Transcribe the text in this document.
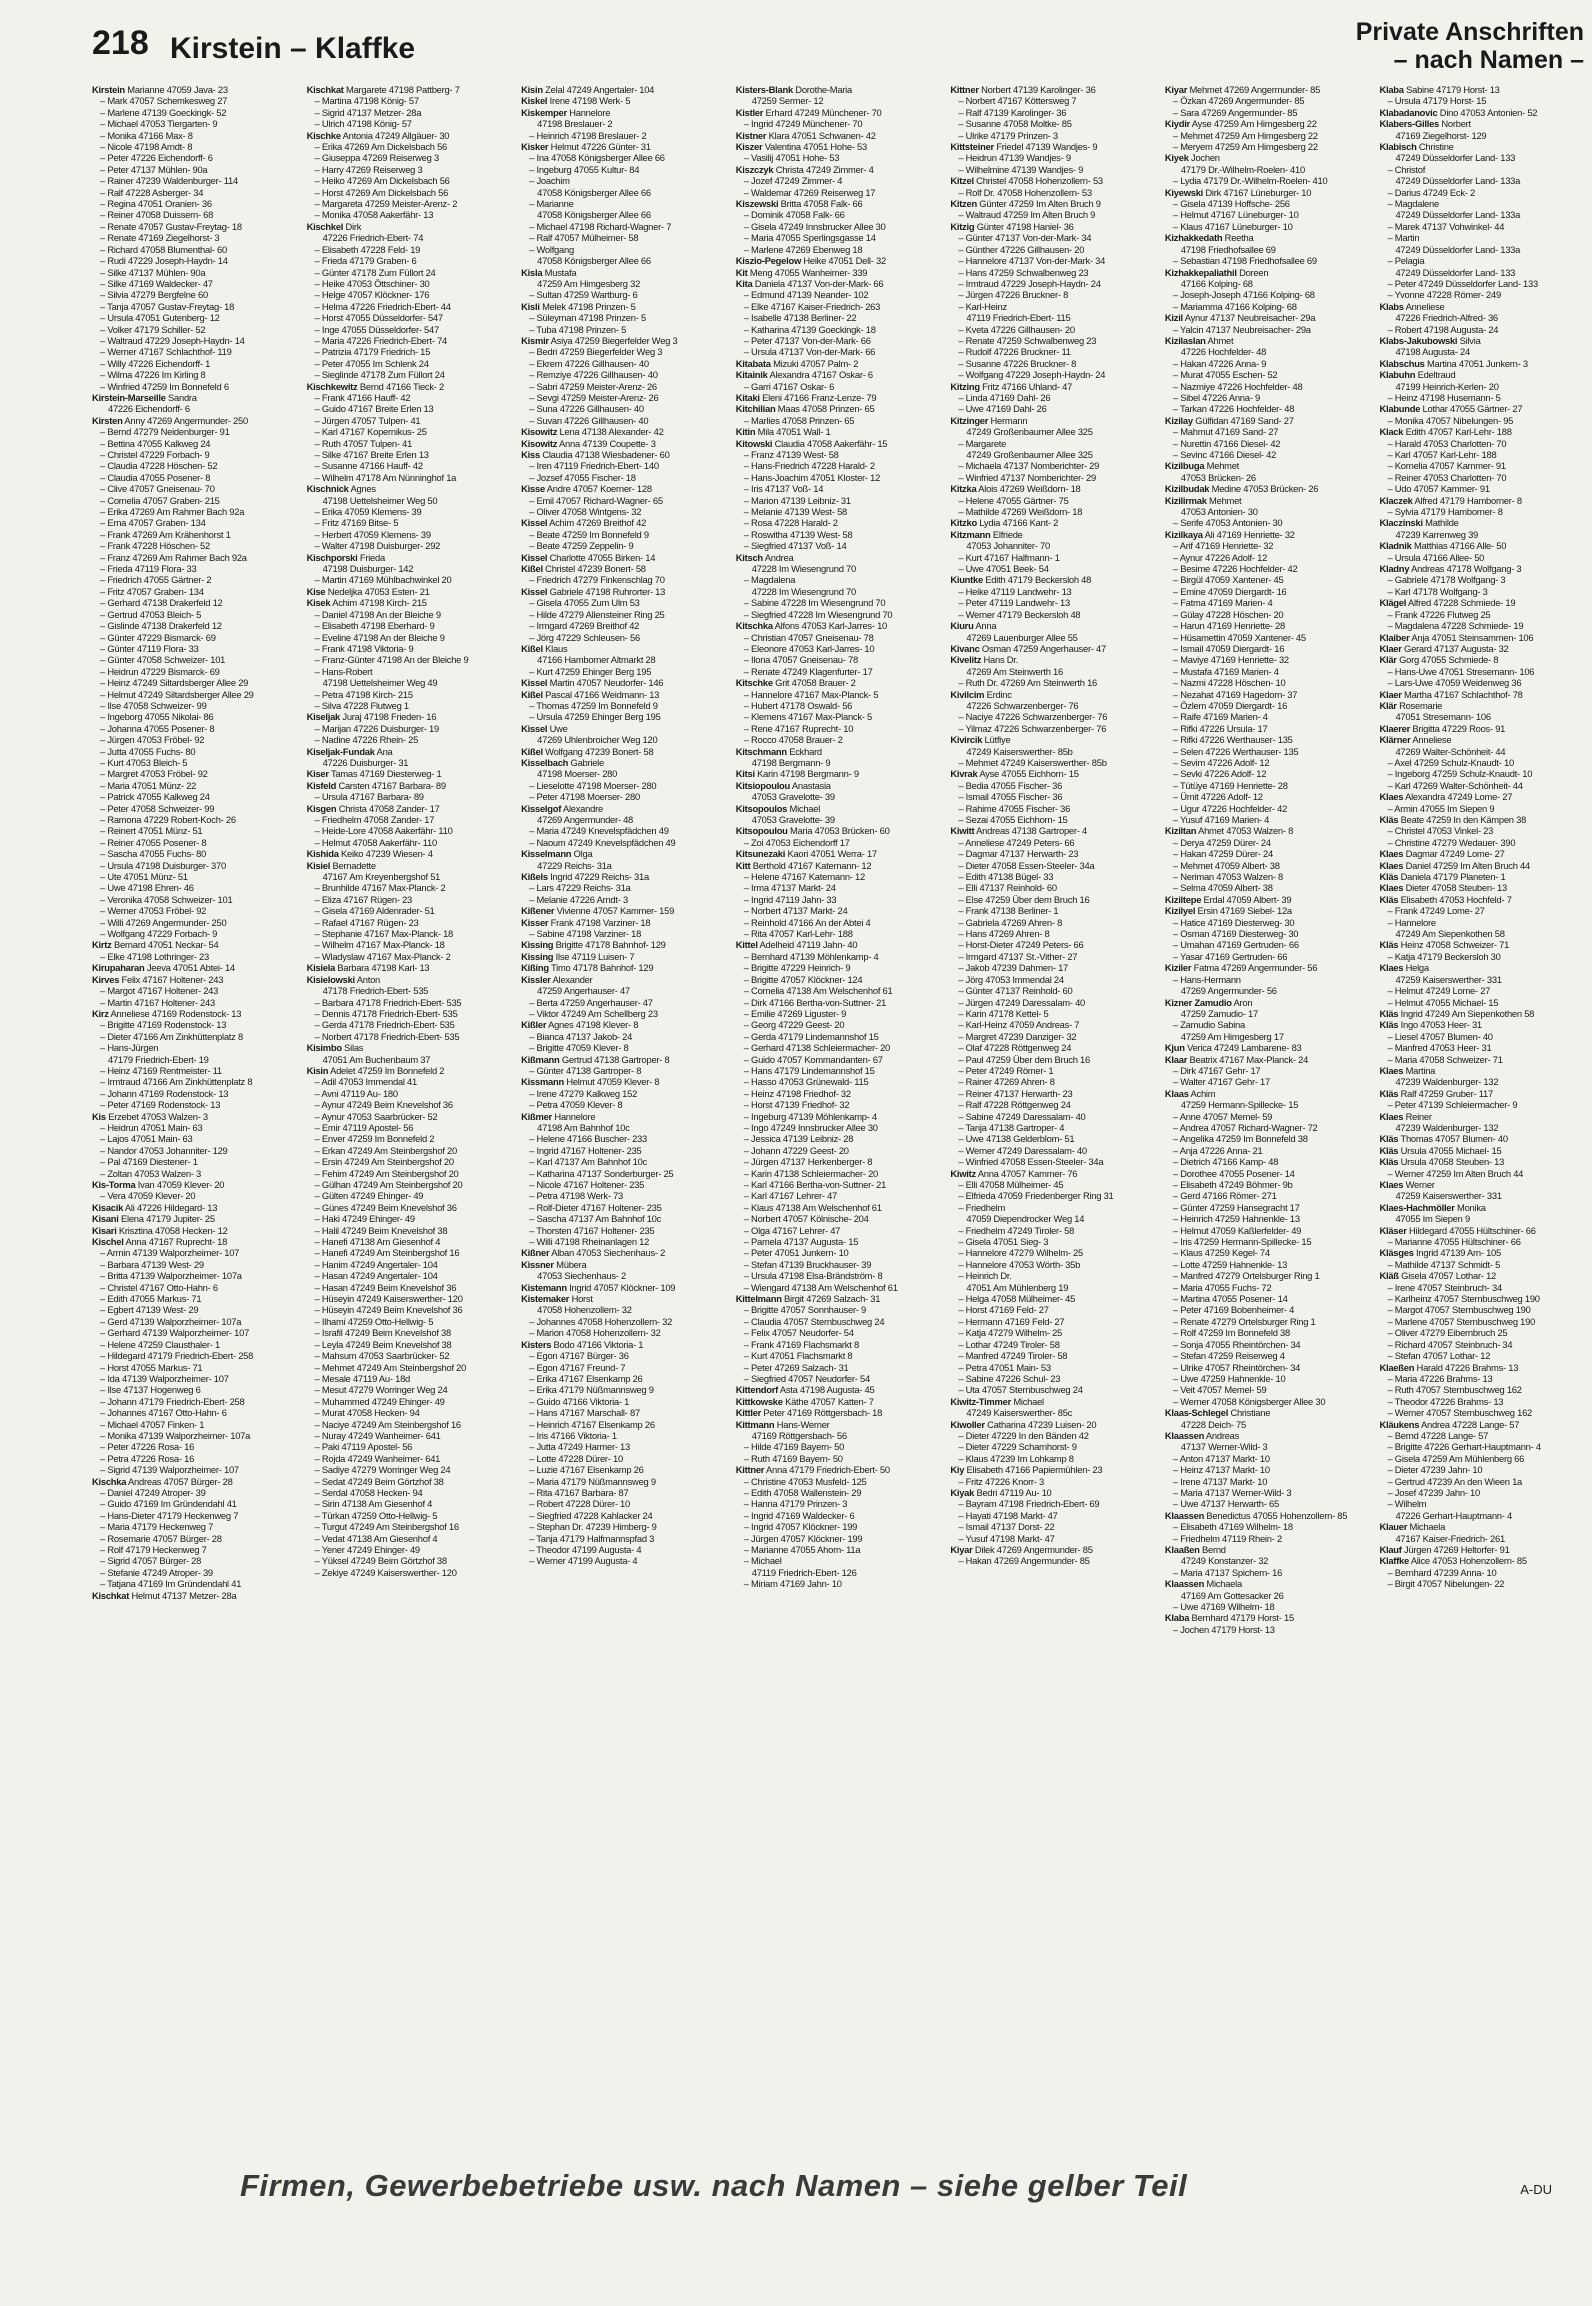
218 Kirstein – Klaffke	Private Anschriften
– nach Namen –
Kirstein Marianne 47059 Java- 23
– Mark 47057 Schemkesweg 27
– Marlene 47139 Goeckingk- 52
– Michael 47053 Tiergarten- 9
– Monika 47166 Max- 8
– Nicole 47198 Arndt- 8
– Peter 47226 Eichendorff- 6
– Peter 47137 Mühlen- 90a
– Rainer 47239 Waldenburger- 114
– Ralf 47228 Asberger- 34
– Regina 47051 Oranien- 36
– Reiner 47058 Duissern- 68
– Renate 47057 Gustav-Freytag- 18
– Renate 47169 Ziegelhorst- 3
– Richard 47058 Blumenthal- 60
– Rudi 47229 Joseph-Haydn- 14
– Silke 47137 Mühlen- 90a
– Silke 47169 Waldecker- 47
– Silvia 47279 Bergfelne 60
– Tanja 47057 Gustav-Freytag- 18
– Ursula 47051 Gutenberg- 12
– Volker 47179 Schiller- 52
– Waltraud 47229 Joseph-Haydn- 14
– Werner 47167 Schlachthof- 119
– Willy 47226 Eichendorff- 1
– Wilma 47226 Im Kirling 8
– Winfried 47259 Im Bonnefeld 6
Kirstein-Marseille Sandra
47226 Eichendorff- 6
Kirsten Anny 47269 Angermunder- 250
– Bernd 47279 Neidenburger- 91
– Bettina 47055 Kalkweg 24
– Christel 47229 Forbach- 9
– Claudia 47228 Höschen- 52
– Claudia 47055 Posener- 8
– Clive 47057 Gneisenau- 70
– Cornelia 47057 Graben- 215
– Erika 47269 Am Rahmer Bach 92a
– Erna 47057 Graben- 134
– Frank 47269 Am Krähenhorst 1
– Frank 47228 Höschen- 52
– Franz 47269 Am Rahmer Bach 92a
– Frieda 47119 Flora- 33
– Friedrich 47055 Gärtner- 2
– Fritz 47057 Graben- 134
– Gerhard 47138 Drakerfeld 12
– Gertrud 47053 Bleich- 5
– Gislinde 47138 Drakerfeld 12
– Günter 47229 Bismarck- 69
– Günter 47119 Flora- 33
– Günter 47058 Schweizer- 101
– Heidrun 47229 Bismarck- 69
– Heinz 47249 Siltardsberger Allee 29
– Helmut 47249 Siltardsberger Allee 29
– Ilse 47058 Schweizer- 99
– Ingeborg 47055 Nikolai- 86
– Johanna 47055 Posener- 8
– Jürgen 47053 Fröbel- 92
– Jutta 47055 Fuchs- 80
– Kurt 47053 Bleich- 5
– Margret 47053 Fröbel- 92
– Maria 47051 Münz- 22
– Patrick 47055 Kalkweg 24
– Peter 47058 Schweizer- 99
– Ramona 47229 Robert-Koch- 26
– Reinert 47051 Münz- 51
– Reiner 47055 Posener- 8
– Sascha 47055 Fuchs- 80
– Ursula 47198 Duisburger- 370
– Ute 47051 Münz- 51
– Uwe 47198 Ehren- 46
– Veronika 47058 Schweizer- 101
– Werner 47053 Fröbel- 92
– Willi 47269 Angermunder- 250
– Wolfgang 47229 Forbach- 9
Kirtz Bernard 47051 Neckar- 54
– Elke 47198 Lothringer- 23
Kirupaharan Jeeva 47051 Abtei- 14
Kirves Felix 47167 Holtener- 243
– Margot 47167 Holtener- 243
– Martin 47167 Holtener- 243
Kirz Anneliese 47169 Rodenstock- 13
– Brigitte 47169 Rodenstock- 13
– Dieter 47166 Am Zinkhüttenplatz 8
– Hans-Jürgen
47179 Friedrich-Ebert- 19
– Heinz 47169 Rentmeister- 11
– Irmtraud 47166 Am Zinkhüttenplatz 8
– Johann 47169 Rodenstock- 13
– Peter 47169 Rodenstock- 13
Kis Erzebet 47053 Walzen- 3
– Heidrun 47051 Main- 63
– Lajos 47051 Main- 63
– Nandor 47053 Johanniter- 129
– Pal 47169 Diestener- 1
– Zoltan 47053 Walzen- 3
Kis-Torma Ivan 47059 Klever- 20
– Vera 47059 Klever- 20
Kisacik Ali 47226 Hildegard- 13
Kisani Elena 47179 Jupiter- 25
Kisari Krisztina 47058 Hecken- 12
Kischel Anna 47167 Ruprecht- 18
– Armin 47139 Walporzheimer- 107
– Barbara 47139 West- 29
– Britta 47139 Walporzheimer- 107a
– Christel 47167 Otto-Hahn- 6
– Edith 47055 Markus- 71
– Egbert 47139 West- 29
– Gerd 47139 Walporzheimer- 107a
– Gerhard 47139 Walporzheimer- 107
– Helene 47259 Clausthaler- 1
– Hildegard 47179 Friedrich-Ebert- 258
– Horst 47055 Markus- 71
– Ida 47139 Walporzheimer- 107
– Ilse 47137 Hogenweg 6
– Johann 47179 Friedrich-Ebert- 258
– Johannes 47167 Otto-Hahn- 6
– Michael 47057 Finken- 1
– Monika 47139 Walporzheimer- 107a
– Peter 47226 Rosa- 16
– Petra 47226 Rosa- 16
– Sigrid 47139 Walporzheimer- 107
Kischka Andreas 47057 Bürger- 28
– Daniel 47249 Atroper- 39
– Guido 47169 Im Gründendahl 41
– Hans-Dieter 47179 Heckenweg 7
– Maria 47179 Heckenweg 7
– Rosemarie 47057 Bürger- 28
– Rolf 47179 Heckenweg 7
– Sigrid 47057 Bürger- 28
– Stefanie 47249 Atroper- 39
– Tatjana 47169 Im Gründendahl 41
Kischkat Helmut 47137 Metzer- 28a
Kischkat Margarete 47198 Pattberg- 7
– Martina 47198 König- 57
– Sigrid 47137 Metzer- 28a
– Ulrich 47198 König- 57
Kischke Antonia 47249 Allgäuer- 30
– Erika 47269 Am Dickelsbach 56
– Giuseppa 47269 Reiserweg 3
– Harry 47269 Reiserweg 3
– Heiko 47269 Am Dickelsbach 56
– Horst 47269 Am Dickelsbach 56
– Margareta 47259 Meister-Arenz- 2
– Monika 47058 Aakerfähr- 13
Kischkel Dirk
47226 Friedrich-Ebert- 74
– Elisabeth 47228 Feld- 19
– Frieda 47179 Graben- 6
– Günter 47178 Zum Füllort 24
– Heike 47053 Öttschiner- 30
– Helge 47057 Klöckner- 176
– Helma 47226 Friedrich-Ebert- 44
– Horst 47055 Düsseldorfer- 547
– Inge 47055 Düsseldorfer- 547
– Maria 47226 Friedrich-Ebert- 74
– Patrizia 47179 Friedrich- 15
– Peter 47055 Im Schlenk 24
– Sieglinde 47178 Zum Füllort 24
Kischkewitz Bernd 47166 Tieck- 2
– Frank 47166 Hauff- 42
– Guido 47167 Breite Erlen 13
– Jürgen 47057 Tulpen- 41
– Karl 47167 Kopernikus- 25
– Ruth 47057 Tulpen- 41
– Silke 47167 Breite Erlen 13
– Susanne 47166 Hauff- 42
– Wilhelm 47178 Am Nünninghof 1a
Kischnick Agnes
47198 Uettelsheimer Weg 50
– Erika 47059 Klemens- 39
– Fritz 47169 Bitse- 5
– Herbert 47059 Klemens- 39
– Walter 47198 Duisburger- 292
Kischporski Frieda
47198 Duisburger- 142
– Martin 47169 Mühlbachwinkel 20
Kise Nedeljka 47053 Esten- 21
Kisek Achim 47198 Kirch- 215
– Daniel 47198 An der Bleiche 9
– Elisabeth 47198 Eberhard- 9
– Eveline 47198 An der Bleiche 9
– Frank 47198 Viktoria- 9
– Franz-Günter 47198 An der Bleiche 9
– Hans-Robert
47198 Uettelsheimer Weg 49
– Petra 47198 Kirch- 215
– Silva 47228 Flutweg 1
Kiseljak Juraj 47198 Frieden- 16
– Marijan 47226 Duisburger- 19
– Nadine 47226 Rhein- 25
Kiseljak-Fundak Ana
47226 Duisburger- 31
Kiser Tamas 47169 Diesterweg- 1
Kisfeld Carsten 47167 Barbara- 89
– Ursula 47167 Barbara- 89
Kisgen Christa 47058 Zander- 17
– Friedhelm 47058 Zander- 17
– Heide-Lore 47058 Aakerfähr- 110
– Helmut 47058 Aakerfähr- 110
Kishida Keiko 47239 Wiesen- 4
Kisiel Bernadette
47167 Am Kreyenbergshof 51
– Brunhilde 47167 Max-Planck- 2
– Eliza 47167 Rügen- 23
– Gisela 47169 Aldenrader- 51
– Rafael 47167 Rügen- 23
– Stephanie 47167 Max-Planck- 18
– Wilhelm 47167 Max-Planck- 18
– Wladyslaw 47167 Max-Planck- 2
Kisiela Barbara 47198 Karl- 13
Kisielowski Anton
47178 Friedrich-Ebert- 535
– Barbara 47178 Friedrich-Ebert- 535
– Dennis 47178 Friedrich-Ebert- 535
– Gerda 47178 Friedrich-Ebert- 535
– Norbert 47178 Friedrich-Ebert- 535
Kisimbo Silas
47051 Am Buchenbaum 37
Kisin Adelet 47259 Im Bonnefeld 2
– Adil 47053 Immendal 41
– Avni 47119 Au- 180
– Aynur 47249 Beim Knevelshof 36
– Aynur 47053 Saarbrücker- 52
– Emir 47119 Apostel- 56
– Enver 47259 Im Bonnefeld 2
– Erkan 47249 Am Steinbergshof 20
– Ersin 47249 Am Steinbergshof 20
– Fehim 47249 Am Steinbergshof 20
– Gülhan 47249 Am Steinbergshof 20
– Gülten 47249 Ehinger- 49
– Günes 47249 Beim Knevelshof 36
– Haki 47249 Ehinger- 49
– Halil 47249 Beim Knevelshof 38
– Hanefi 47138 Am Giesenhof 4
– Hanefi 47249 Am Steinbergshof 16
– Hanim 47249 Angertaler- 104
– Hasan 47249 Angertaler- 104
– Hasan 47249 Beim Knevelshof 36
– Hüseyin 47249 Kaiserswerther- 120
– Hüseyin 47249 Beim Knevelshof 36
– Ilhami 47259 Otto-Hellwig- 5
– Israfil 47249 Beim Knevelshof 38
– Leyla 47249 Beim Knevelshof 38
– Mahsum 47053 Saarbrücker- 52
– Mehmet 47249 Am Steinbergshof 20
– Mesale 47119 Au- 18d
– Mesut 47279 Worringer Weg 24
– Muhammed 47249 Ehinger- 49
– Murat 47058 Hecken- 94
– Naciye 47249 Am Steinbergshof 16
– Nuray 47249 Wanheimer- 641
– Paki 47119 Apostel- 56
– Rojda 47249 Wanheimer- 641
– Sadiye 47279 Worringer Weg 24
– Sedat 47249 Beim Görtzhof 38
– Serdal 47058 Hecken- 94
– Sirin 47138 Am Giesenhof 4
– Türkan 47259 Otto-Hellwig- 5
– Turgut 47249 Am Steinbergshof 16
– Vedat 47138 Am Giesenhof 4
– Yener 47249 Ehinger- 49
– Yüksel 47249 Beim Görtzhof 38
– Zekiye 47249 Kaiserswerther- 120
Kisin Zelal 47249 Angertaler- 104
Kiskel Irene 47198 Werk- 5
Kiskemper Hannelore
47198 Breslauer- 2
– Heinrich 47198 Breslauer- 2
Kisker Helmut 47226 Günter- 31
– Ina 47058 Königsberger Allee 66
– Ingeburg 47055 Kultur- 84
– Joachim
47058 Königsberger Allee 66
– Marianne
47058 Königsberger Allee 66
– Michael 47198 Richard-Wagner- 7
– Ralf 47057 Mülheimer- 58
– Wolfgang
47058 Königsberger Allee 66
Kisla Mustafa
47259 Am Himgesberg 32
– Sultan 47259 Wartburg- 6
Kisli Melek 47198 Prinzen- 5
– Süleyman 47198 Prinzen- 5
– Tuba 47198 Prinzen- 5
Kismir Asiya 47259 Biegerfelder Weg 3
– Bedri 47259 Biegerfelder Weg 3
– Ekrem 47226 Gillhausen- 40
– Remziye 47226 Gillhausen- 40
– Sabri 47259 Meister-Arenz- 26
– Sevgi 47259 Meister-Arenz- 26
– Suna 47226 Gillhausen- 40
– Suvan 47226 Gillhausen- 40
Kisowitz Lena 47138 Alexander- 42
Kisowitz Anna 47139 Coupette- 3
Kiss Claudia 47138 Wiesbadener- 60
– Iren 47119 Friedrich-Ebert- 140
– Jozsef 47055 Fischer- 18
Kisse Andre 47057 Koerner- 128
– Emil 47057 Richard-Wagner- 65
– Oliver 47058 Wintgens- 32
Kissel Achim 47269 Breithof 42
– Beate 47259 Im Bonnefeld 9
– Beate 47259 Zeppelin- 9
Kissel Charlotte 47055 Birken- 14
Kißel Christel 47239 Bonert- 58
– Friedrich 47279 Finkenschlag 70
Kissel Gabriele 47198 Ruhrorter- 13
– Gisela 47055 Zum Ulm 53
– Hilde 47279 Allensteiner Ring 25
– Irmgard 47269 Breithof 42
– Jörg 47229 Schleusen- 56
Kißel Klaus
47166 Hamborner Altmarkt 28
– Kurt 47259 Ehinger Berg 195
Kissel Martin 47057 Neudorfer- 146
Kißel Pascal 47166 Weidmann- 13
– Thomas 47259 Im Bonnefeld 9
– Ursula 47259 Ehinger Berg 195
Kissel Uwe
47269 Uhlenbroicher Weg 120
Kißel Wolfgang 47239 Bonert- 58
Kisselbach Gabriele
47198 Moerser- 280
– Lieselotte 47198 Moerser- 280
– Peter 47198 Moerser- 280
Kisselgof Alexandre
47269 Angermunder- 48
– Maria 47249 Knevelspfädchen 49
– Naoum 47249 Knevelspfädchen 49
Kisselmann Olga
47229 Reichs- 31a
Kißels Ingrid 47229 Reichs- 31a
– Lars 47229 Reichs- 31a
– Melanie 47226 Arndt- 3
Kißener Vivienne 47057 Kammer- 159
Kisser Frank 47198 Varziner- 18
– Sabine 47198 Varziner- 18
Kissing Brigitte 47178 Bahnhof- 129
Kissing Ilse 47119 Luisen- 7
Kißing Timo 47178 Bahnhof- 129
Kissler Alexander
47259 Angerhauser- 47
– Berta 47259 Angerhauser- 47
– Viktor 47249 Am Schellberg 23
Kißler Agnes 47198 Klever- 8
– Bianca 47137 Jakob- 24
– Brigitte 47059 Klever- 8
Kißmann Gertrud 47138 Gartroper- 8
– Günter 47138 Gartroper- 8
Kissmann Helmut 47059 Klever- 8
– Irene 47279 Kalkweg 152
– Petra 47059 Klever- 8
Kißmer Hannelore
47198 Am Bahnhof 10c
– Helene 47166 Buscher- 233
– Ingrid 47167 Holtener- 235
– Karl 47137 Am Bahnhof 10c
– Katharina 47137 Sonderburger- 25
– Nicole 47167 Holtener- 235
– Petra 47198 Werk- 73
– Rolf-Dieter 47167 Holtener- 235
– Sascha 47137 Am Bahnhof 10c
– Thorsten 47167 Holtener- 235
– Willi 47198 Rheinanlagen 12
Kißner Alban 47053 Siechenhaus- 2
Kissner Mübera
47053 Siechenhaus- 2
Kistemann Ingrid 47057 Klöckner- 109
Kistemaker Horst
47058 Hohenzollern- 32
– Johannes 47058 Hohenzollern- 32
– Marion 47058 Hohenzollern- 32
Kisters Bodo 47166 Viktoria- 1
– Egon 47167 Bürger- 36
– Egon 47167 Freund- 7
– Erika 47167 Elsenkamp 26
– Erika 47179 Nüßmannsweg 9
– Guido 47166 Viktoria- 1
– Hans 47167 Marschall- 87
– Heinrich 47167 Elsenkamp 26
– Iris 47166 Viktoria- 1
– Jutta 47249 Harmer- 13
– Lotte 47228 Dürer- 10
– Luzie 47167 Elsenkamp 26
– Maria 47179 Nüßmannsweg 9
– Rita 47167 Barbara- 87
– Robert 47228 Dürer- 10
– Siegfried 47228 Kahlacker 24
– Stephan Dr. 47239 Himberg- 9
– Tanja 47179 Halfmannspfad 3
– Theodor 47199 Augusta- 4
– Werner 47199 Augusta- 4
Kisters-Blank Dorothe-Maria
47259 Sermer- 12
Kistler Erhard 47249 Münchener- 70
– Ingrid 47249 Münchener- 70
Kistner Klara 47051 Schwanen- 42
Kiszer Valentina 47051 Hohe- 53
– Vasilij 47051 Hohe- 53
Kiszczyk Christa 47249 Zimmer- 4
– Jozef 47249 Zimmer- 4
– Waldemar 47269 Reiserweg 17
Kiszewski Britta 47058 Falk- 66
– Dominik 47058 Falk- 66
– Gisela 47249 Innsbrucker Allee 30
– Maria 47055 Sperlingsgasse 14
– Marlene 47269 Ebenweg 18
Kiszio-Pegelow Heike 47051 Dell- 32
Kit Meng 47055 Wanheimer- 339
Kita Daniela 47137 Von-der-Mark- 66
– Edmund 47139 Neander- 102
– Elke 47167 Kaiser-Friedrich- 263
– Isabelle 47138 Berliner- 22
– Katharina 47139 Goeckingk- 18
– Peter 47137 Von-der-Mark- 66
– Ursula 47137 Von-der-Mark- 66
Kitabata Mizuki 47057 Palm- 2
Kitainik Alexandra 47167 Oskar- 6
– Garri 47167 Oskar- 6
Kitaki Eleni 47166 Franz-Lenze- 79
Kitchilian Maas 47058 Prinzen- 65
– Marlies 47058 Prinzen- 65
Kitin Mila 47051 Wall- 1
Kitowski Claudia 47058 Aakerfähr- 15
– Franz 47139 West- 58
– Hans-Friedrich 47228 Harald- 2
– Hans-Joachim 47051 Kloster- 12
– Iris 47137 Voß- 14
– Marion 47139 Leibniz- 31
– Melanie 47139 West- 58
– Rosa 47228 Harald- 2
– Roswitha 47139 West- 58
– Siegfried 47137 Voß- 14
Kitsch Andrea
47228 Im Wiesengrund 70
– Magdalena
47228 Im Wiesengrund 70
– Sabine 47228 Im Wiesengrund 70
– Siegfried 47228 Im Wiesengrund 70
Kitschka Alfons 47053 Karl-Jarres- 10
– Christian 47057 Gneisenau- 78
– Eleonore 47053 Karl-Jarres- 10
– Ilona 47057 Gneisenau- 78
– Renate 47249 Klagenfurter- 17
Kitschke Grit 47058 Brauer- 2
– Hannelore 47167 Max-Planck- 5
– Hubert 47178 Oswald- 56
– Klemens 47167 Max-Planck- 5
– Rene 47167 Ruprecht- 10
– Rocco 47058 Brauer- 2
Kitschmann Eckhard
47198 Bergmann- 9
Kitsi Karin 47198 Bergmann- 9
Kitsiopoulou Anastasia
47053 Gravelotte- 39
Kitsopoulos Michael
47053 Gravelotte- 39
Kitsopoulou Maria 47053 Brücken- 60
– Zoi 47053 Eichendorff 17
Kitsunezaki Kaori 47051 Werra- 17
Kitt Berthold 47167 Katernann- 12
– Helene 47167 Katernann- 12
– Irma 47137 Markt- 24
– Ingrid 47119 Jahn- 33
– Norbert 47137 Markt- 24
– Reinhold 47166 An der Abtei 4
– Rita 47057 Karl-Lehr- 188
Kittel Adelheid 47119 Jahn- 40
– Bernhard 47139 Möhlenkamp- 4
– Brigitte 47229 Heinrich- 9
– Brigitte 47057 Klöckner- 124
– Cornelia 47138 Am Welschenhof 61
– Dirk 47166 Bertha-von-Suttner- 21
– Emilie 47269 Liguster- 9
– Georg 47229 Geest- 20
– Gerda 47179 Lindemannshof 15
– Gerhard 47138 Schleiermacher- 20
– Guido 47057 Kommandanten- 67
– Hans 47179 Lindemannshof 15
– Hasso 47053 Grünewald- 115
– Heinz 47198 Friedhof- 32
– Horst 47139 Friedhof- 32
– Ingeburg 47139 Möhlenkamp- 4
– Ingo 47249 Innsbrucker Allee 30
– Jessica 47139 Leibniz- 28
– Johann 47229 Geest- 20
– Jürgen 47137 Herkenberger- 8
– Karin 47138 Schleiermacher- 20
– Karl 47166 Bertha-von-Suttner- 21
– Karl 47167 Lehrer- 47
– Klaus 47138 Am Welschenhof 61
– Norbert 47057 Kölnische- 204
– Olga 47167 Lehrer- 47
– Pamela 47137 Augusta- 15
– Peter 47051 Junkern- 10
– Stefan 47139 Bruckhauser- 39
– Ursula 47198 Elsa-Brändström- 8
– Wiengard 47138 Am Welschenhof 61
Kittelmann Birgit 47269 Salzach- 31
– Brigitte 47057 Sonnhauser- 9
– Claudia 47057 Sternbuschweg 24
– Felix 47057 Neudorfer- 54
– Frank 47169 Flachsmarkt 8
– Kurt 47051 Flachsmarkt 8
– Peter 47269 Salzach- 31
– Siegfried 47057 Neudorfer- 54
Kittendorf Asta 47198 Augusta- 45
Kittkowske Käthe 47057 Katten- 7
Kittler Peter 47169 Röttgersbach- 18
Kittmann Hans-Werner
47169 Röttgersbach- 56
– Hilde 47169 Bayern- 50
– Ruth 47169 Bayern- 50
Kittner Anna 47179 Friedrich-Ebert- 50
– Christine 47053 Musfeld- 125
– Edith 47058 Wallenstein- 29
– Hanna 47179 Prinzen- 3
– Ingrid 47169 Waldecker- 6
– Ingrid 47057 Klöckner- 199
– Jürgen 47057 Klöckner- 199
– Marianne 47055 Ahorn- 11a
– Michael
47119 Friedrich-Ebert- 126
– Miriam 47169 Jahn- 10
Kittner Norbert 47139 Karolinger- 36
– Norbert 47167 Köttersweg 7
– Ralf 47139 Karolinger- 36
– Susanne 47058 Moltke- 85
– Ulrike 47179 Prinzen- 3
Kittsteiner Friedel 47139 Wandjes- 9
– Heidrun 47139 Wandjes- 9
– Wilhelmine 47139 Wandjes- 9
Kitzel Christel 47058 Hohenzollern- 53
– Rolf Dr. 47058 Hohenzollern- 53
Kitzen Günter 47259 Im Alten Bruch 9
– Waltraud 47259 Im Alten Bruch 9
Kitzig Günter 47198 Haniel- 36
– Günter 47137 Von-der-Mark- 34
– Günther 47226 Gillhausen- 20
– Hannelore 47137 Von-der-Mark- 34
– Hans 47259 Schwalbenweg 23
– Irmtraud 47229 Joseph-Haydn- 24
– Jürgen 47226 Bruckner- 8
– Karl-Heinz
47119 Friedrich-Ebert- 115
– Kveta 47226 Gillhausen- 20
– Renate 47259 Schwalbenweg 23
– Rudolf 47226 Bruckner- 11
– Susanne 47226 Bruckner- 8
– Wolfgang 47229 Joseph-Haydn- 24
Kitzing Fritz 47166 Uhland- 47
– Linda 47169 Dahl- 26
– Uwe 47169 Dahl- 26
Kitzinger Hermann
47249 Großenbaumer Allee 325
– Margarete
47249 Großenbaumer Allee 325
– Michaela 47137 Nomberichter- 29
– Winfried 47137 Nomberichter- 29
Kitzka Alois 47269 Weißdorn- 18
– Helene 47055 Gärtner- 75
– Mathilde 47269 Weißdorn- 18
Kitzko Lydia 47166 Kant- 2
Kitzmann Elfriede
47053 Johanniter- 70
– Kurt 47167 Halfmann- 1
– Uwe 47051 Beek- 54
Kiuntke Edith 47179 Beckersloh 48
– Heike 47119 Landwehr- 13
– Peter 47119 Landwehr- 13
– Werner 47179 Beckersloh 48
Kiuru Anna
47269 Lauenburger Allee 55
Kivanc Osman 47259 Angerhauser- 47
Kivelitz Hans Dr.
47269 Am Steinwerth 16
– Ruth Dr. 47269 Am Steinwerth 16
Kivilcim Erdinc
47226 Schwarzenberger- 76
– Naciye 47226 Schwarzenberger- 76
– Yilmaz 47226 Schwarzenberger- 76
Kivircik Lütfiye
47249 Kaiserswerther- 85b
– Mehmet 47249 Kaiserswerther- 85b
Kivrak Ayse 47055 Eichhorn- 15
– Bedia 47055 Fischer- 36
– Ismail 47055 Fischer- 36
– Rahime 47055 Fischer- 36
– Sezai 47055 Eichhorn- 15
Kiwitt Andreas 47138 Gartroper- 4
– Anneliese 47249 Peters- 66
– Dagmar 47137 Herwarth- 23
– Dieter 47058 Essen-Steeler- 34a
– Edith 47138 Bügel- 33
– Elli 47137 Reinhold- 60
– Else 47259 Über dem Bruch 16
– Frank 47138 Berliner- 1
– Gabriela 47269 Ahren- 8
– Hans 47269 Ahren- 8
– Horst-Dieter 47249 Peters- 66
– Irmgard 47137 St.-Vither- 27
– Jakob 47239 Dahmen- 17
– Jörg 47053 Immendal 24
– Günter 47137 Reinhold- 60
– Jürgen 47249 Daressalam- 40
– Karin 47178 Kettel- 5
– Karl-Heinz 47059 Andreas- 7
– Margret 47239 Danziger- 32
– Olaf 47228 Röttgenweg 24
– Paul 47259 Über dem Bruch 16
– Peter 47249 Römer- 1
– Rainer 47269 Ahren- 8
– Reiner 47137 Herwarth- 23
– Ralf 47228 Röttgenweg 24
– Sabine 47249 Daressalam- 40
– Tanja 47138 Gartroper- 4
– Uwe 47138 Gelderblom- 51
– Werner 47249 Daressalam- 40
– Winfried 47058 Essen-Steeler- 34a
Kiwitz Anna 47057 Kammer- 76
– Elli 47058 Mülheimer- 45
– Elfrieda 47059 Friedenberger Ring 31
– Friedhelm
47059 Diependrocker Weg 14
– Friedhelm 47249 Tiroler- 58
– Gisela 47051 Sieg- 3
– Hannelore 47279 Wilhelm- 25
– Hannelore 47053 Wörth- 35b
– Heinrich Dr.
47051 Am Mühlenberg 19
– Helga 47058 Mülheimer- 45
– Horst 47169 Feld- 27
– Hermann 47169 Feld- 27
– Katja 47279 Wilhelm- 25
– Lothar 47249 Tiroler- 58
– Manfred 47249 Tiroler- 58
– Petra 47051 Main- 53
– Sabine 47226 Schul- 23
– Uta 47057 Sternbuschweg 24
Kiwitz-Timmer Michael
47249 Kaiserswerther- 85c
Kiwoller Catharina 47239 Luisen- 20
– Dieter 47229 In den Bänden 42
– Dieter 47229 Scharnhorst- 9
– Klaus 47239 Im Lohkamp 8
Kiy Elisabeth 47166 Papiermühlen- 23
– Fritz 47226 Knorr- 3
Kiyak Bedri 47119 Au- 10
– Bayram 47198 Friedrich-Ebert- 69
– Hayati 47198 Markt- 47
– Ismail 47137 Dorst- 22
– Yusuf 47198 Markt- 47
Kiyar Dilek 47269 Angermunder- 85
– Hakan 47269 Angermunder- 85
Kiyar Mehmet 47269 Angermunder- 85
– Özkan 47269 Angermunder- 85
– Sara 47269 Angermunder- 85
Kiydir Ayse 47259 Am Himgesberg 22
– Mehmet 47259 Am Himgesberg 22
– Meryem 47259 Am Himgesberg 22
Kiyek Jochen
47179 Dr.-Wilhelm-Roelen- 410
– Lydia 47179 Dr.-Wilhelm-Roelen- 410
Kiyewski Dirk 47167 Lüneburger- 10
– Gisela 47139 Hoffsche- 256
– Helmut 47167 Lüneburger- 10
– Klaus 47167 Lüneburger- 10
Kizhakkedath Reetha
47198 Friedhofsallee 69
– Sebastian 47198 Friedhofsallee 69
Kizhakkepaliathil Doreen
47166 Kolping- 68
– Joseph-Joseph 47166 Kolping- 68
– Mariamma 47166 Kolping- 68
Kizil Aynur 47137 Neubreisacher- 29a
– Yalcin 47137 Neubreisacher- 29a
Kizilaslan Ahmet
47226 Hochfelder- 48
– Hakan 47226 Anna- 9
– Murat 47055 Eschen- 52
– Nazmiye 47226 Hochfelder- 48
– Sibel 47226 Anna- 9
– Tarkan 47226 Hochfelder- 48
Kizilay Gülfidan 47169 Sand- 27
– Mahmut 47169 Sand- 27
– Nurettin 47166 Diesel- 42
– Sevinc 47166 Diesel- 42
Kizilbuga Mehmet
47053 Brücken- 26
Kizilbudak Medine 47053 Brücken- 26
Kizilirmak Mehmet
47053 Antonien- 30
– Serife 47053 Antonien- 30
Kizilkaya Ali 47169 Henriette- 32
– Arif 47169 Henriette- 32
– Aynur 47226 Adolf- 12
– Besime 47226 Hochfelder- 42
– Birgül 47059 Xantener- 45
– Emine 47059 Diergardt- 16
– Fatma 47169 Marien- 4
– Gülay 47228 Höschen- 20
– Harun 47169 Henriette- 28
– Hüsamettin 47059 Xantener- 45
– Ismail 47059 Diergardt- 16
– Maviye 47169 Henriette- 32
– Mustafa 47169 Marien- 4
– Nazmi 47228 Höschen- 10
– Nezahat 47169 Hagedorn- 37
– Özlem 47059 Diergardt- 16
– Raife 47169 Marien- 4
– Rifki 47226 Ursula- 17
– Rifki 47226 Werthauser- 135
– Selen 47226 Werthauser- 135
– Sevim 47226 Adolf- 12
– Sevki 47226 Adolf- 12
– Tütüye 47169 Henriette- 28
– Ümit 47226 Adolf- 12
– Ugur 47226 Hochfelder- 42
– Yusuf 47169 Marien- 4
Kiziltan Ahmet 47053 Walzen- 8
– Derya 47259 Dürer- 24
– Hakan 47259 Dürer- 24
– Mehmet 47059 Albert- 38
– Neriman 47053 Walzen- 8
– Selma 47059 Albert- 38
Kiziltepe Erdal 47059 Albert- 39
Kizilyel Ersin 47169 Siebel- 12a
– Hatice 47169 Diesterweg- 30
– Osman 47169 Diesterweg- 30
– Umahan 47169 Gertruden- 66
– Yasar 47169 Gertruden- 66
Kiziler Fatma 47269 Angermunder- 56
– Hans-Hermann
47269 Angermunder- 56
Kizner Zamudio Aron
47259 Zamudio- 17
– Zamudio Sabina
47259 Am Himgesberg 17
Kjun Verica 47249 Lambarene- 83
Klaar Beatrix 47167 Max-Planck- 24
– Dirk 47167 Gehr- 17
– Walter 47167 Gehr- 17
Klaas Achim
47259 Hermann-Spillecke- 15
– Anne 47057 Memel- 59
– Andrea 47057 Richard-Wagner- 72
– Angelika 47259 Im Bonnefeld 38
– Anja 47226 Anna- 21
– Dietrich 47166 Kamp- 48
– Dorothee 47055 Posener- 14
– Elisabeth 47249 Böhmer- 9b
– Gerd 47166 Römer- 271
– Günter 47259 Hansegracht 17
– Heinrich 47259 Hahnenkle- 13
– Helmut 47059 Kaßlerfelder- 49
– Iris 47259 Hermann-Spillecke- 15
– Klaus 47259 Kegel- 74
– Lotte 47259 Hahnenkle- 13
– Manfred 47279 Ortelsburger Ring 1
– Maria 47055 Fuchs- 72
– Martina 47055 Posener- 14
– Peter 47169 Bobenheimer- 4
– Renate 47279 Ortelsburger Ring 1
– Rolf 47259 Im Bonnefeld 38
– Sonja 47055 Rheintörchen- 34
– Stefan 47259 Reiserweg 4
– Ulrike 47057 Rheintörchen- 34
– Uwe 47259 Hahnenkle- 10
– Veit 47057 Memel- 59
– Werner 47058 Königsberger Allee 30
Klaas-Schlegel Christiane
47228 Deich- 75
Klaassen Andreas
47137 Werner-Wild- 3
– Anton 47137 Markt- 10
– Heinz 47137 Markt- 10
– Irene 47137 Markt- 10
– Maria 47137 Werner-Wild- 3
– Uwe 47137 Herwarth- 65
Klaassen Benedictus 47055 Hohenzollern- 85
– Elisabeth 47169 Wilhelm- 18
– Friedhelm 47119 Rhein- 2
Klaaßen Bernd
47249 Konstanzer- 32
– Maria 47137 Spichern- 16
Klaassen Michaela
47169 Am Gottesacker 26
– Uwe 47169 Wilhelm- 18
Klaba Bernhard 47179 Horst- 15
– Jochen 47179 Horst- 13
Klaba Sabine 47179 Horst- 13
– Ursula 47179 Horst- 15
Klabadanovic Dino 47053 Antonien- 52
Klabers-Gilles Norbert
47169 Ziegelhorst- 129
Klabisch Christine
47249 Düsseldorfer Land- 133
– Christof
47249 Düsseldorfer Land- 133a
– Darius 47249 Eck- 2
– Magdalene
47249 Düsseldorfer Land- 133a
– Marek 47137 Vohwinkel- 44
– Martin
47249 Düsseldorfer Land- 133a
– Pelagia
47249 Düsseldorfer Land- 133
– Peter 47249 Düsseldorfer Land- 133
– Yvonne 47228 Römer- 249
Klabs Anneliese
47226 Friedrich-Alfred- 36
– Robert 47198 Augusta- 24
Klabs-Jakubowski Silvia
47198 Augusta- 24
Klabschus Martina 47051 Junkern- 3
Klabuhn Edeltraud
47199 Heinrich-Kerlen- 20
– Heinz 47198 Husemann- 5
Klabunde Lothar 47055 Gärtner- 27
– Monika 47057 Nibelungen- 95
Klack Edith 47057 Karl-Lehr- 188
– Harald 47053 Charlotten- 70
– Karl 47057 Karl-Lehr- 188
– Kornelia 47057 Kammer- 91
– Reiner 47053 Charlotten- 70
– Udo 47057 Kammer- 91
Klaczek Alfred 47179 Hamborner- 8
– Sylvia 47179 Hamborner- 8
Klaczinski Mathilde
47239 Karrenweg 39
Kladnik Matthias 47166 Alle- 50
– Ursula 47166 Allee- 50
Kladny Andreas 47178 Wolfgang- 3
– Gabriele 47178 Wolfgang- 3
– Karl 47178 Wolfgang- 3
Klägel Alfred 47228 Schmiede- 19
– Frank 47226 Flutweg 25
– Magdalena 47228 Schmiede- 19
Klaiber Anja 47051 Steinsammen- 106
Klaer Gerard 47137 Augusta- 32
Klär Gorg 47055 Schmiede- 8
– Hans-Uwe 47051 Stresemann- 106
– Lars-Uwe 47059 Weidenweg 36
Klaer Martha 47167 Schlachthof- 78
Klär Rosemarie
47051 Stresemann- 106
Klaerer Brigitta 47229 Roos- 91
Klärner Anneliese
47269 Walter-Schönheit- 44
– Axel 47259 Schulz-Knaudt- 10
– Ingeborg 47259 Schulz-Knaudt- 10
– Karl 47269 Walter-Schönheit- 44
Klaes Alexandra 47249 Lome- 27
– Armin 47055 Im Siepen 9
Kläs Beate 47259 In den Kämpen 38
– Christel 47053 Vinkel- 23
– Christine 47279 Wedauer- 390
Klaes Dagmar 47249 Lome- 27
Klaes Daniel 47259 Im Alten Bruch 44
Kläs Daniela 47179 Planeten- 1
Klaes Dieter 47058 Steuben- 13
Kläs Elisabeth 47053 Hochfeld- 7
– Frank 47249 Lome- 27
– Hannelore
47249 Am Siepenkothen 58
Kläs Heinz 47058 Schweizer- 71
– Katja 47179 Beckersloh 30
Klaes Helga
47259 Kaiserswerther- 331
– Helmut 47249 Lome- 27
– Helmut 47055 Michael- 15
Kläs Ingrid 47249 Am Siepenkothen 58
Kläs Ingo 47053 Heer- 31
– Liesel 47057 Blumen- 40
– Manfred 47053 Heer- 31
– Maria 47058 Schweizer- 71
Klaes Martina
47239 Waldenburger- 132
Kläs Ralf 47259 Gruber- 117
– Peter 47139 Schleiermacher- 9
Klaes Reiner
47239 Waldenburger- 132
Kläs Thomas 47057 Blumen- 40
Kläs Ursula 47055 Michael- 15
Kläs Ursula 47058 Steuben- 13
– Werner 47259 Im Alten Bruch 44
Klaes Werner
47259 Kaiserswerther- 331
Klaes-Hachmöller Monika
47055 Im Siepen 9
Kläser Hildegard 47055 Hültschiner- 66
– Marianne 47055 Hültschiner- 66
Kläsges Ingrid 47139 Arn- 105
– Mathilde 47137 Schmidt- 5
Kläß Gisela 47057 Lothar- 12
– Irene 47057 Steinbruch- 34
– Karlheinz 47057 Sternbuschweg 190
– Margot 47057 Sternbuschweg 190
– Marlene 47057 Sternbuschweg 190
– Oliver 47279 Eibernbruch 25
– Richard 47057 Steinbruch- 34
– Stefan 47057 Lothar- 12
Klaeßen Harald 47226 Brahms- 13
– Maria 47226 Brahms- 13
– Ruth 47057 Sternbuschweg 162
– Theodor 47226 Brahms- 13
– Werner 47057 Sternbuschweg 162
Kläukens Andrea 47228 Lange- 57
– Bernd 47228 Lange- 57
– Brigitte 47226 Gerhart-Hauptmann- 4
– Gisela 47259 Am Mühlenberg 66
– Dieter 47239 Jahn- 10
– Gertrud 47239 An den Wieen 1a
– Josef 47239 Jahn- 10
– Wilhelm
47226 Gerhart-Hauptmann- 4
Klauer Michaela
47167 Kaiser-Friedrich- 261
Klauf Jürgen 47269 Heltorfer- 91
Klaffke Alice 47053 Hohenzollern- 85
– Bernhard 47239 Anna- 10
– Birgit 47057 Nibelungen- 22
Firmen, Gewerbebetriebe usw. nach Namen – siehe gelber Teil	A-DU
